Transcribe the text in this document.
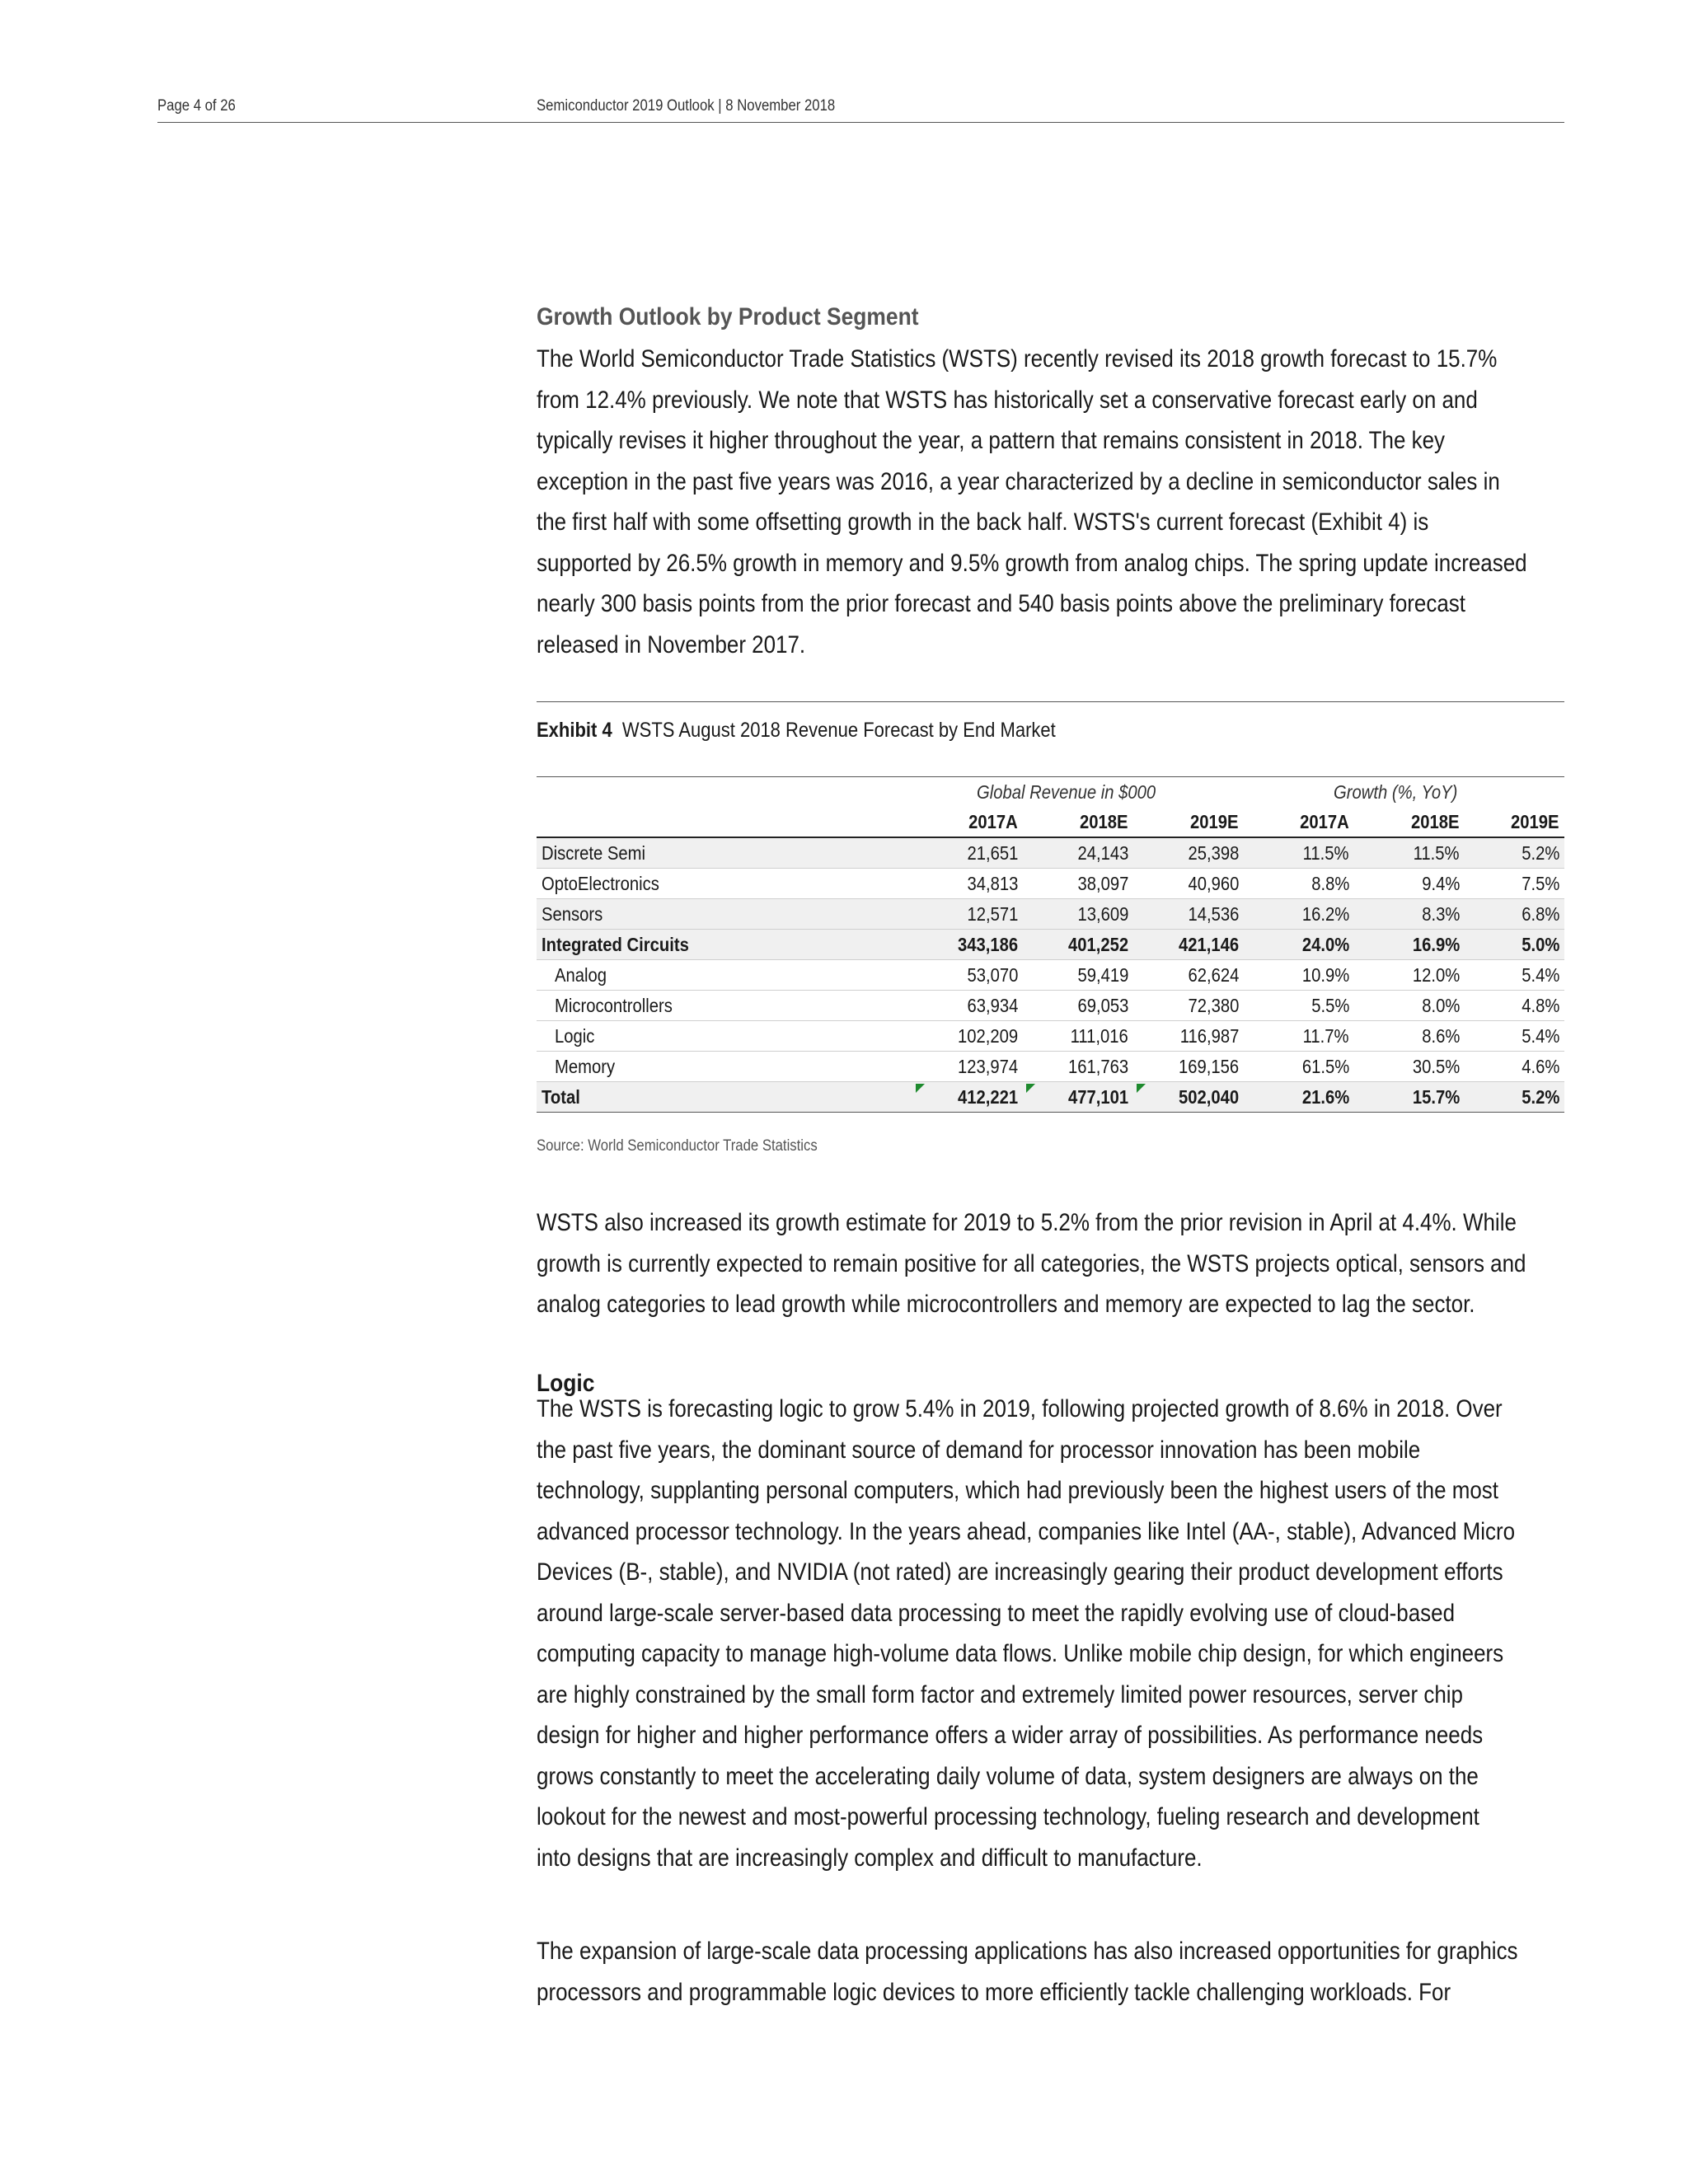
Page 4 of 26	Semiconductor 2019 Outlook | 8 November 2018
Growth Outlook by Product Segment

The World Semiconductor Trade Statistics (WSTS) recently revised its 2018 growth forecast to 15.7%
from 12.4% previously. We note that WSTS has historically set a conservative forecast early on and
typically revises it higher throughout the year, a pattern that remains consistent in 2018. The key
exception in the past five years was 2016, a year characterized by a decline in semiconductor sales in
the first half with some offsetting growth in the back half. WSTS's current forecast (Exhibit 4) is
supported by 26.5% growth in memory and 9.5% growth from analog chips. The spring update increased
nearly 300 basis points from the prior forecast and 540 basis points above the preliminary forecast
released in November 2017.

Exhibit 4 WSTS August 2018 Revenue Forecast by End Market
	Global Revenue in $000			Growth (%, YoY)		
	2017A	2018E	2019E	2017A	2018E	2019E
Discrete Semi	21,651	24,143	25,398	11.5%	11.5%	5.2%
OptoElectronics	34,813	38,097	40,960	8.8%	9.4%	7.5%
Sensors	12,571	13,609	14,536	16.2%	8.3%	6.8%
Integrated Circuits	343,186	401,252	421,146	24.0%	16.9%	5.0%
Analog	53,070	59,419	62,624	10.9%	12.0%	5.4%
Microcontrollers	63,934	69,053	72,380	5.5%	8.0%	4.8%
Logic	102,209	111,016	116,987	11.7%	8.6%	5.4%
Memory	123,974	161,763	169,156	61.5%	30.5%	4.6%
Total	412,221	477,101	502,040	21.6%	15.7%	5.2%
Source: World Semiconductor Trade Statistics

WSTS also increased its growth estimate for 2019 to 5.2% from the prior revision in April at 4.4%. While
growth is currently expected to remain positive for all categories, the WSTS projects optical, sensors and
analog categories to lead growth while microcontrollers and memory are expected to lag the sector.

Logic

The WSTS is forecasting logic to grow 5.4% in 2019, following projected growth of 8.6% in 2018. Over
the past five years, the dominant source of demand for processor innovation has been mobile
technology, supplanting personal computers, which had previously been the highest users of the most
advanced processor technology. In the years ahead, companies like Intel (AA-, stable), Advanced Micro
Devices (B-, stable), and NVIDIA (not rated) are increasingly gearing their product development efforts
around large-scale server-based data processing to meet the rapidly evolving use of cloud-based
computing capacity to manage high-volume data flows. Unlike mobile chip design, for which engineers
are highly constrained by the small form factor and extremely limited power resources, server chip
design for higher and higher performance offers a wider array of possibilities. As performance needs
grows constantly to meet the accelerating daily volume of data, system designers are always on the
lookout for the newest and most-powerful processing technology, fueling research and development
into designs that are increasingly complex and difficult to manufacture.

The expansion of large-scale data processing applications has also increased opportunities for graphics
processors and programmable logic devices to more efficiently tackle challenging workloads. For
